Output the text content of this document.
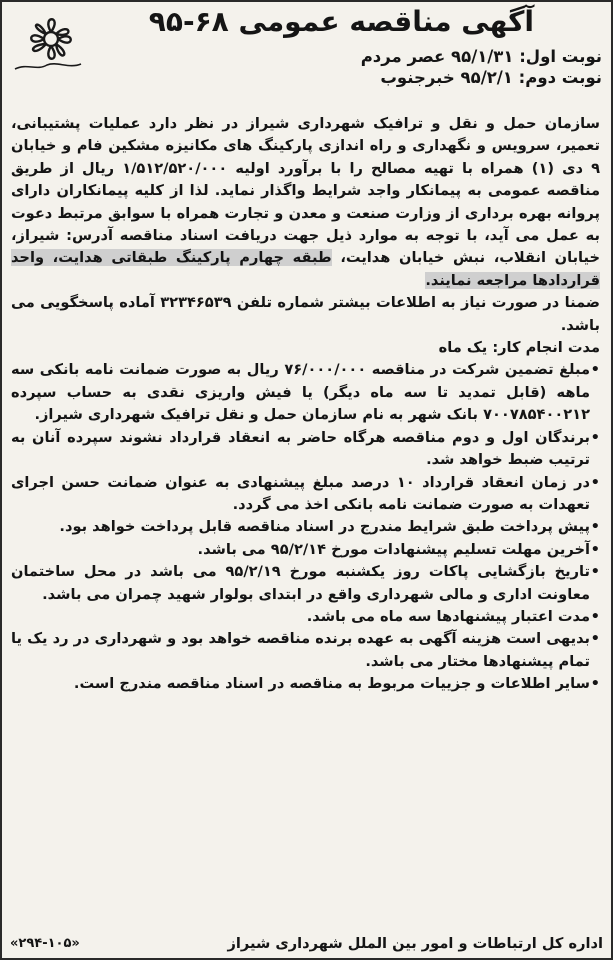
آگهی مناقصه عمومی ۶۸-۹۵
نوبت اول: ۹۵/۱/۳۱ عصر مردم
نوبت دوم: ۹۵/۲/۱ خبرجنوب

سازمان حمل و نقل و ترافیک شهرداری شیراز در نظر دارد عملیات پشتیبانی، تعمیر، سرویس و نگهداری و راه اندازی پارکینگ های مکانیزه مشکین فام و خیابان ۹ دی (۱) همراه با تهیه مصالح را با برآورد اولیه ۱/۵۱۲/۵۲۰/۰۰۰ ریال از طریق مناقصه عمومی به پیمانکار واجد شرایط واگذار نماید. لذا از کلیه پیمانکاران دارای پروانه بهره برداری از وزارت صنعت و معدن و تجارت همراه با سوابق مرتبط دعوت به عمل می آید، با توجه به موارد ذیل جهت دریافت اسناد مناقصه آدرس: شیراز، خیابان انقلاب، نبش خیابان هدایت، طبقه چهارم پارکینگ طبقاتی هدایت، واحد قراردادها مراجعه نمایند.

ضمنا در صورت نیاز به اطلاعات بیشتر شماره تلفن ۳۲۳۴۶۵۳۹ آماده پاسخگویی می باشد.

مدت انجام کار: یک ماه
• مبلغ تضمین شرکت در مناقصه ۷۶/۰۰۰/۰۰۰ ریال به صورت ضمانت نامه بانکی سه ماهه (قابل تمدید تا سه ماه دیگر) یا فیش واریزی نقدی به حساب سپرده ۷۰۰۷۸۵۴۰۰۲۱۲ بانک شهر به نام سازمان حمل و نقل ترافیک شهرداری شیراز.
• برندگان اول و دوم مناقصه هرگاه حاضر به انعقاد قرارداد نشوند سپرده آنان به ترتیب ضبط خواهد شد.
• در زمان انعقاد قرارداد ۱۰ درصد مبلغ پیشنهادی به عنوان ضمانت حسن اجرای تعهدات به صورت ضمانت نامه بانکی اخذ می گردد.
• پیش پرداخت طبق شرایط مندرج در اسناد مناقصه قابل پرداخت خواهد بود.
• آخرین مهلت تسلیم پیشنهادات مورخ ۹۵/۲/۱۴ می باشد.
• تاریخ بازگشایی پاکات روز یکشنبه مورخ ۹۵/۲/۱۹ می باشد در محل ساختمان معاونت اداری و مالی شهرداری واقع در ابتدای بولوار شهید چمران می باشد.
• مدت اعتبار پیشنهادها سه ماه می باشد.
• بدیهی است هزینه آگهی به عهده برنده مناقصه خواهد بود و شهرداری در رد یک یا تمام پیشنهادها مختار می باشد.
• سایر اطلاعات و جزییات مربوط به مناقصه در اسناد مناقصه مندرج است.
اداره کل ارتباطات و امور بین الملل شهرداری شیراز
«۲۹۴-۱۰۵»
